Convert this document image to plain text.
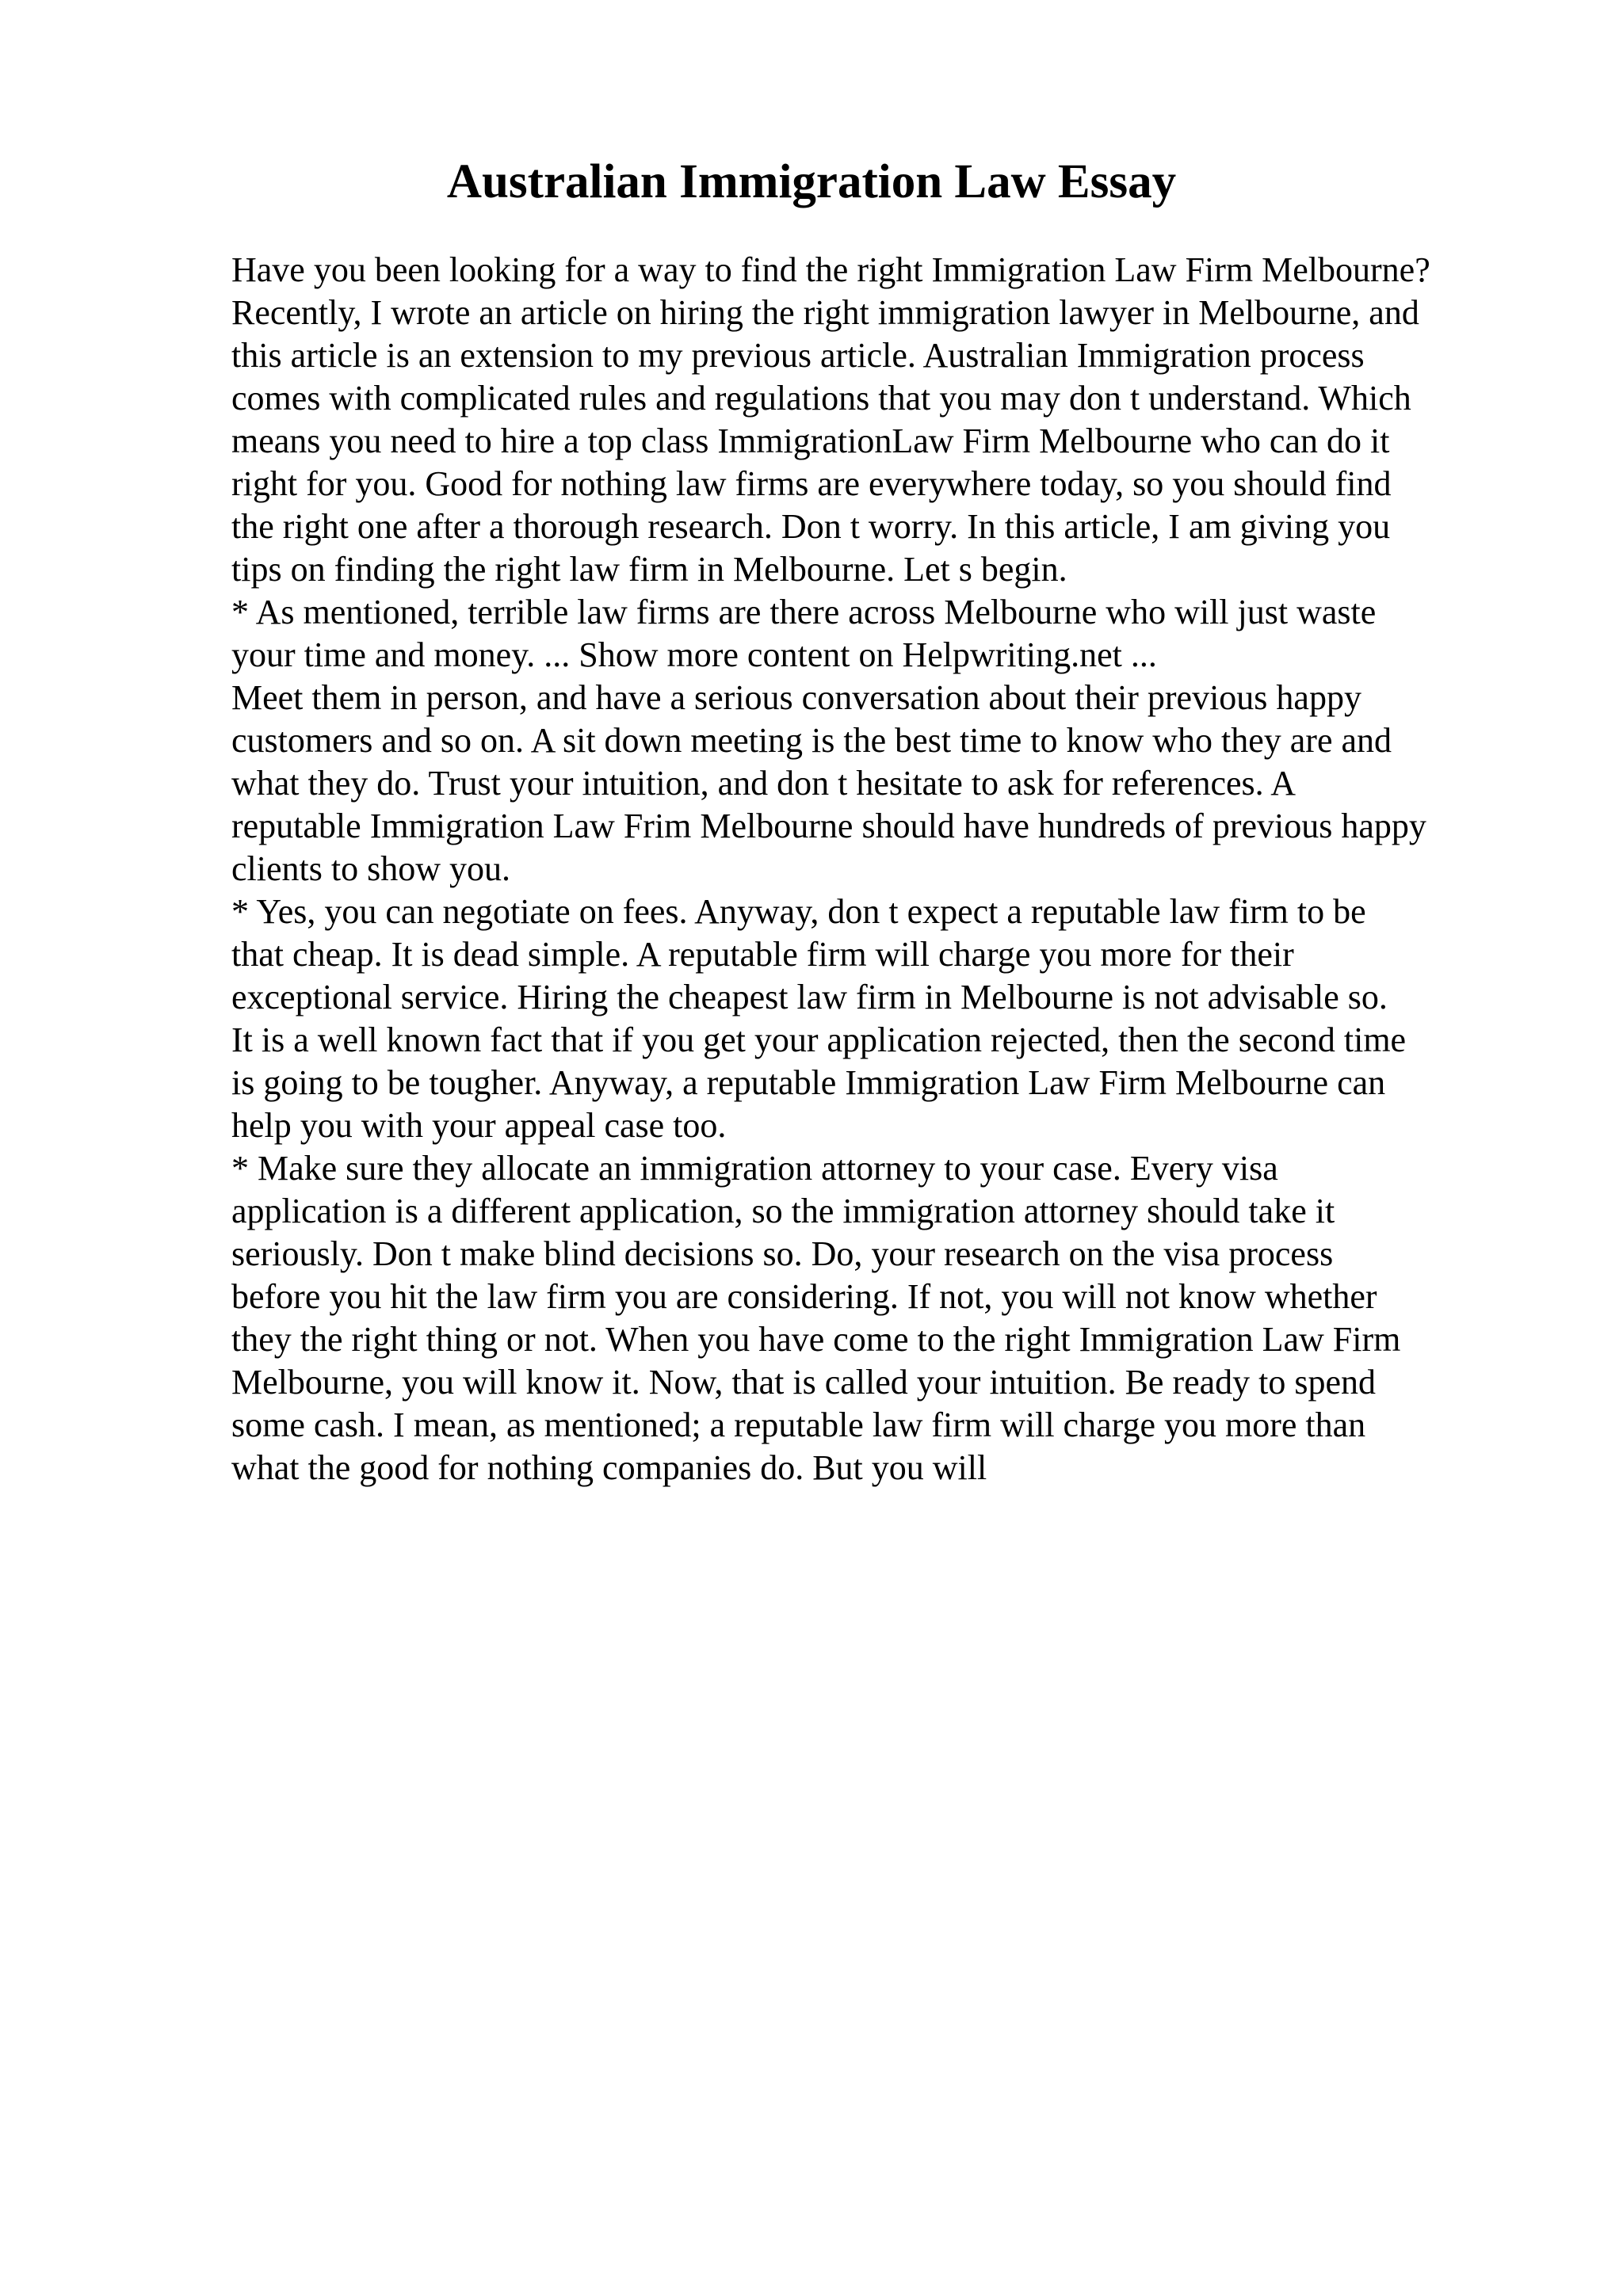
Australian Immigration Law Essay
Have you been looking for a way to find the right Immigration Law Firm Melbourne?
Recently, I wrote an article on hiring the right immigration lawyer in Melbourne, and
this article is an extension to my previous article. Australian Immigration process
comes with complicated rules and regulations that you may don t understand. Which
means you need to hire a top class ImmigrationLaw Firm Melbourne who can do it
right for you. Good for nothing law firms are everywhere today, so you should find
the right one after a thorough research. Don t worry. In this article, I am giving you
tips on finding the right law firm in Melbourne. Let s begin.
* As mentioned, terrible law firms are there across Melbourne who will just waste
your time and money. ... Show more content on Helpwriting.net ...
Meet them in person, and have a serious conversation about their previous happy
customers and so on. A sit down meeting is the best time to know who they are and
what they do. Trust your intuition, and don t hesitate to ask for references. A
reputable Immigration Law Frim Melbourne should have hundreds of previous happy
clients to show you.
* Yes, you can negotiate on fees. Anyway, don t expect a reputable law firm to be
that cheap. It is dead simple. A reputable firm will charge you more for their
exceptional service. Hiring the cheapest law firm in Melbourne is not advisable so.
It is a well known fact that if you get your application rejected, then the second time
is going to be tougher. Anyway, a reputable Immigration Law Firm Melbourne can
help you with your appeal case too.
* Make sure they allocate an immigration attorney to your case. Every visa
application is a different application, so the immigration attorney should take it
seriously. Don t make blind decisions so. Do, your research on the visa process
before you hit the law firm you are considering. If not, you will not know whether
they the right thing or not. When you have come to the right Immigration Law Firm
Melbourne, you will know it. Now, that is called your intuition. Be ready to spend
some cash. I mean, as mentioned; a reputable law firm will charge you more than
what the good for nothing companies do. But you will
